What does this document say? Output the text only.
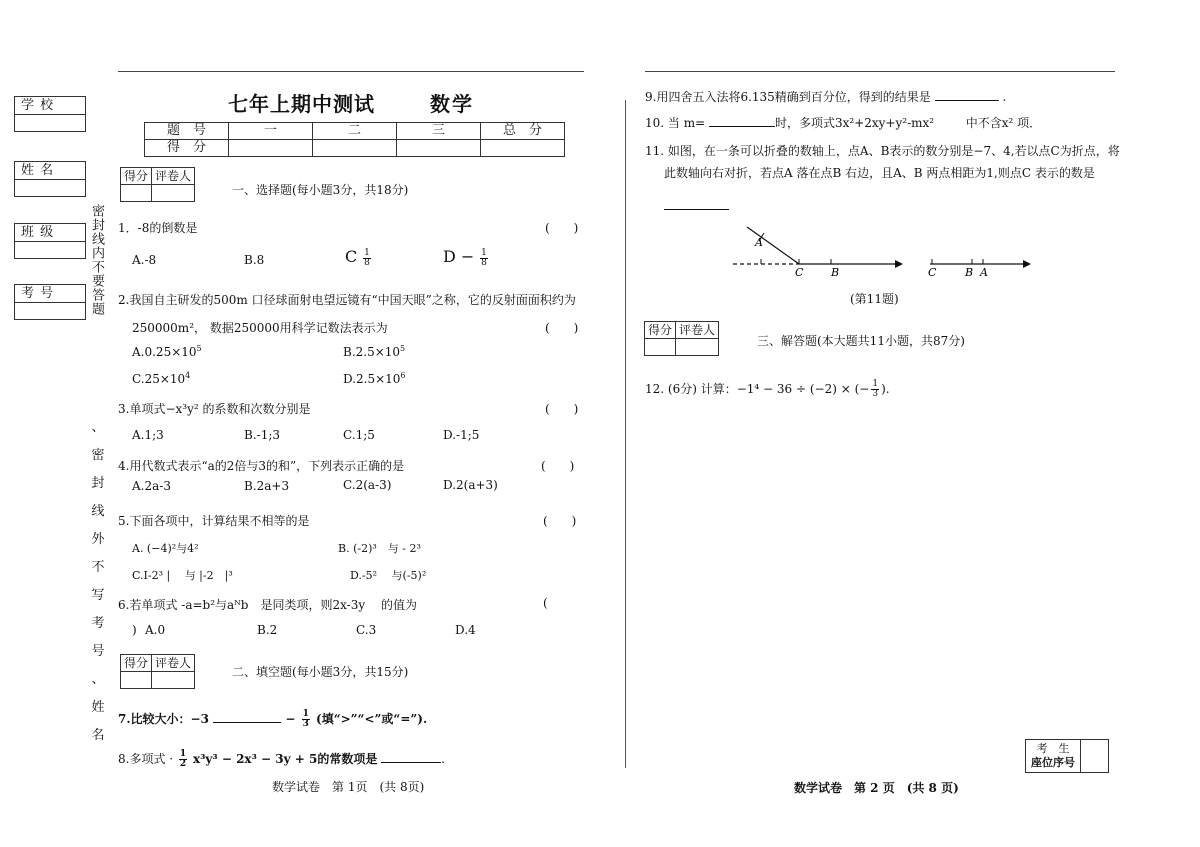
学 校
姓 名
班 级
考 号	密封线内不要答题
、
密
封
线
外
不
写
考
号
、
姓
名
七年上期中测试	数学
题　号	一	二	三	总　分
得　分				
得分	评卷人

一、选择题(每小题3分，共18分)
1．-8的倒数是	(　　)
A.-8	B.8	C $\frac{1}{8}$	$D - \frac{1}{8}$
2.我国自主研发的500m 口径球面射电望远镜有“中国天眼”之称，它的反射面面积约为
250000m²， 数据250000用科学记数法表示为	(　　)
$A.0.25\times 10^5$	$B.2.5\times 10^5$
$C.25\times 10^4$	$D.2.5\times 10^6$
3.单项式−x³y² 的系数和次数分别是	(　　)
A.1;3	B.-1;3	C.1;5	D.-1;5
4.用代数式表示“a的2倍与3的和”，下列表示正确的是	(　　)
A.2a-3	B.2a+3	C.2(a-3)	D.2(a+3)
5.下面各项中，计算结果不相等的是	(　　)
A. (−4)²与4²	B. (-2)³　与 - 2³
C.I-2³ |　 与 |-2　|³	D.-5²　 与(-5)²
6.若单项式 -a=b²与aᴺb　是同类项，则2x-3y　 的值为	(
) A.0	B.2	C.3	D.4
得分	评卷人

二、填空题(每小题3分，共15分)
7.比较大小：−3	− $\frac{1}{3}$ (填“>”“<”或“=”).
8.多项式 · $\frac{1}{2} x^3y^3 - 2x^3 - 3y + 5$的常数项是	.
数学试卷　第 1页　(共 8页)
9.用四舍五入法将6.135精确到百分位，得到的结果是	.
10. 当 m=	时，多项式3x²+2xy+y²-mx²	中不含x² 项．
11. 如图，在一条可以折叠的数轴上，点A、B表示的数分别是−7、4,若以点C为折点，将
此数轴向右对折，若点A 落在点B 右边，且A、B 两点相距为1,则点C 表示的数是
A
C	B	C	B A
(第11题)
得分	评卷人

三、解答题(本大题共11小题，共87分)
12. (6分) 计算：−1⁴ − 36 ÷ (−2) × (− $\frac{1}{3}$ ).
考　生
座位序号

数学试卷　第 2 页　(共 8 页)
